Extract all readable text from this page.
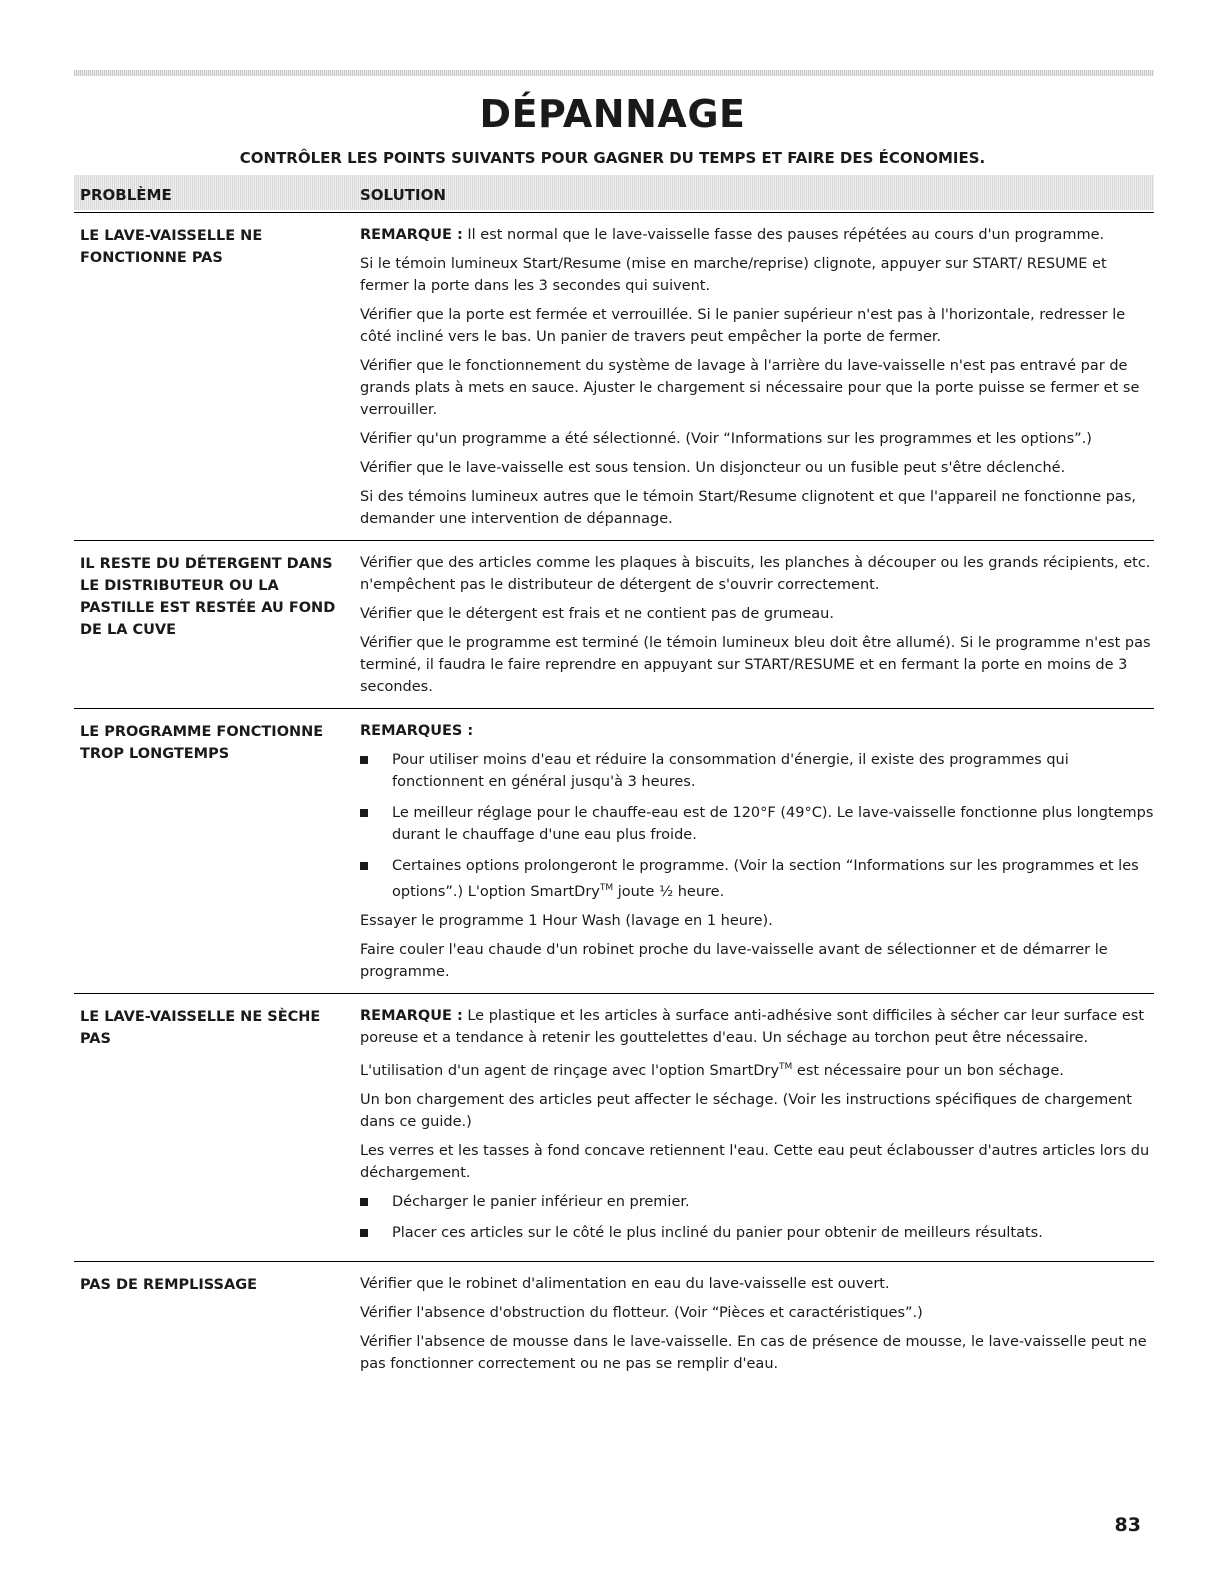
DÉPANNAGE

CONTRÔLER LES POINTS SUIVANTS POUR GAGNER DU TEMPS ET FAIRE DES ÉCONOMIES.

PROBLÈME	SOLUTION
LE LAVE-VAISSELLE NE FONCTIONNE PAS

REMARQUE : Il est normal que le lave-vaisselle fasse des pauses répétées au cours d'un programme.

Si le témoin lumineux Start/Resume (mise en marche/reprise) clignote, appuyer sur START/ RESUME et fermer la porte dans les 3 secondes qui suivent.

Vérifier que la porte est fermée et verrouillée. Si le panier supérieur n'est pas à l'horizontale, redresser le côté incliné vers le bas. Un panier de travers peut empêcher la porte de fermer.

Vérifier que le fonctionnement du système de lavage à l'arrière du lave-vaisselle n'est pas entravé par de grands plats à mets en sauce. Ajuster le chargement si nécessaire pour que la porte puisse se fermer et se verrouiller.

Vérifier qu'un programme a été sélectionné. (Voir “Informations sur les programmes et les options”.)

Vérifier que le lave-vaisselle est sous tension. Un disjoncteur ou un fusible peut s'être déclenché.

Si des témoins lumineux autres que le témoin Start/Resume clignotent et que l'appareil ne fonctionne pas, demander une intervention de dépannage.

IL RESTE DU DÉTERGENT DANS LE DISTRIBUTEUR OU LA PASTILLE EST RESTÉE AU FOND DE LA CUVE

Vérifier que des articles comme les plaques à biscuits, les planches à découper ou les grands récipients, etc. n'empêchent pas le distributeur de détergent de s'ouvrir correctement.

Vérifier que le détergent est frais et ne contient pas de grumeau.

Vérifier que le programme est terminé (le témoin lumineux bleu doit être allumé). Si le programme n'est pas terminé, il faudra le faire reprendre en appuyant sur START/RESUME et en fermant la porte en moins de 3 secondes.

LE PROGRAMME FONCTIONNE TROP LONGTEMPS

REMARQUES :

Pour utiliser moins d'eau et réduire la consommation d'énergie, il existe des programmes qui fonctionnent en général jusqu'à 3 heures.
Le meilleur réglage pour le chauffe-eau est de 120°F (49°C). Le lave-vaisselle fonctionne plus longtemps durant le chauffage d'une eau plus froide.
Certaines options prolongeront le programme. (Voir la section “Informations sur les programmes et les options”.) L'option SmartDry™ joute ½ heure.

Essayer le programme 1 Hour Wash (lavage en 1 heure).

Faire couler l'eau chaude d'un robinet proche du lave-vaisselle avant de sélectionner et de démarrer le programme.

LE LAVE-VAISSELLE NE SÈCHE PAS

REMARQUE : Le plastique et les articles à surface anti-adhésive sont difficiles à sécher car leur surface est poreuse et a tendance à retenir les gouttelettes d'eau. Un séchage au torchon peut être nécessaire.

L'utilisation d'un agent de rinçage avec l'option SmartDry™ est nécessaire pour un bon séchage.

Un bon chargement des articles peut affecter le séchage. (Voir les instructions spécifiques de chargement dans ce guide.)

Les verres et les tasses à fond concave retiennent l'eau. Cette eau peut éclabousser d'autres articles lors du déchargement.

Décharger le panier inférieur en premier.
Placer ces articles sur le côté le plus incliné du panier pour obtenir de meilleurs résultats.
PAS DE REMPLISSAGE	Vérifier que le robinet d'alimentation en eau du lave-vaisselle est ouvert.

Vérifier l'absence d'obstruction du flotteur. (Voir “Pièces et caractéristiques”.)

Vérifier l'absence de mousse dans le lave-vaisselle. En cas de présence de mousse, le lave-vaisselle peut ne pas fonctionner correctement ou ne pas se remplir d'eau.

83
